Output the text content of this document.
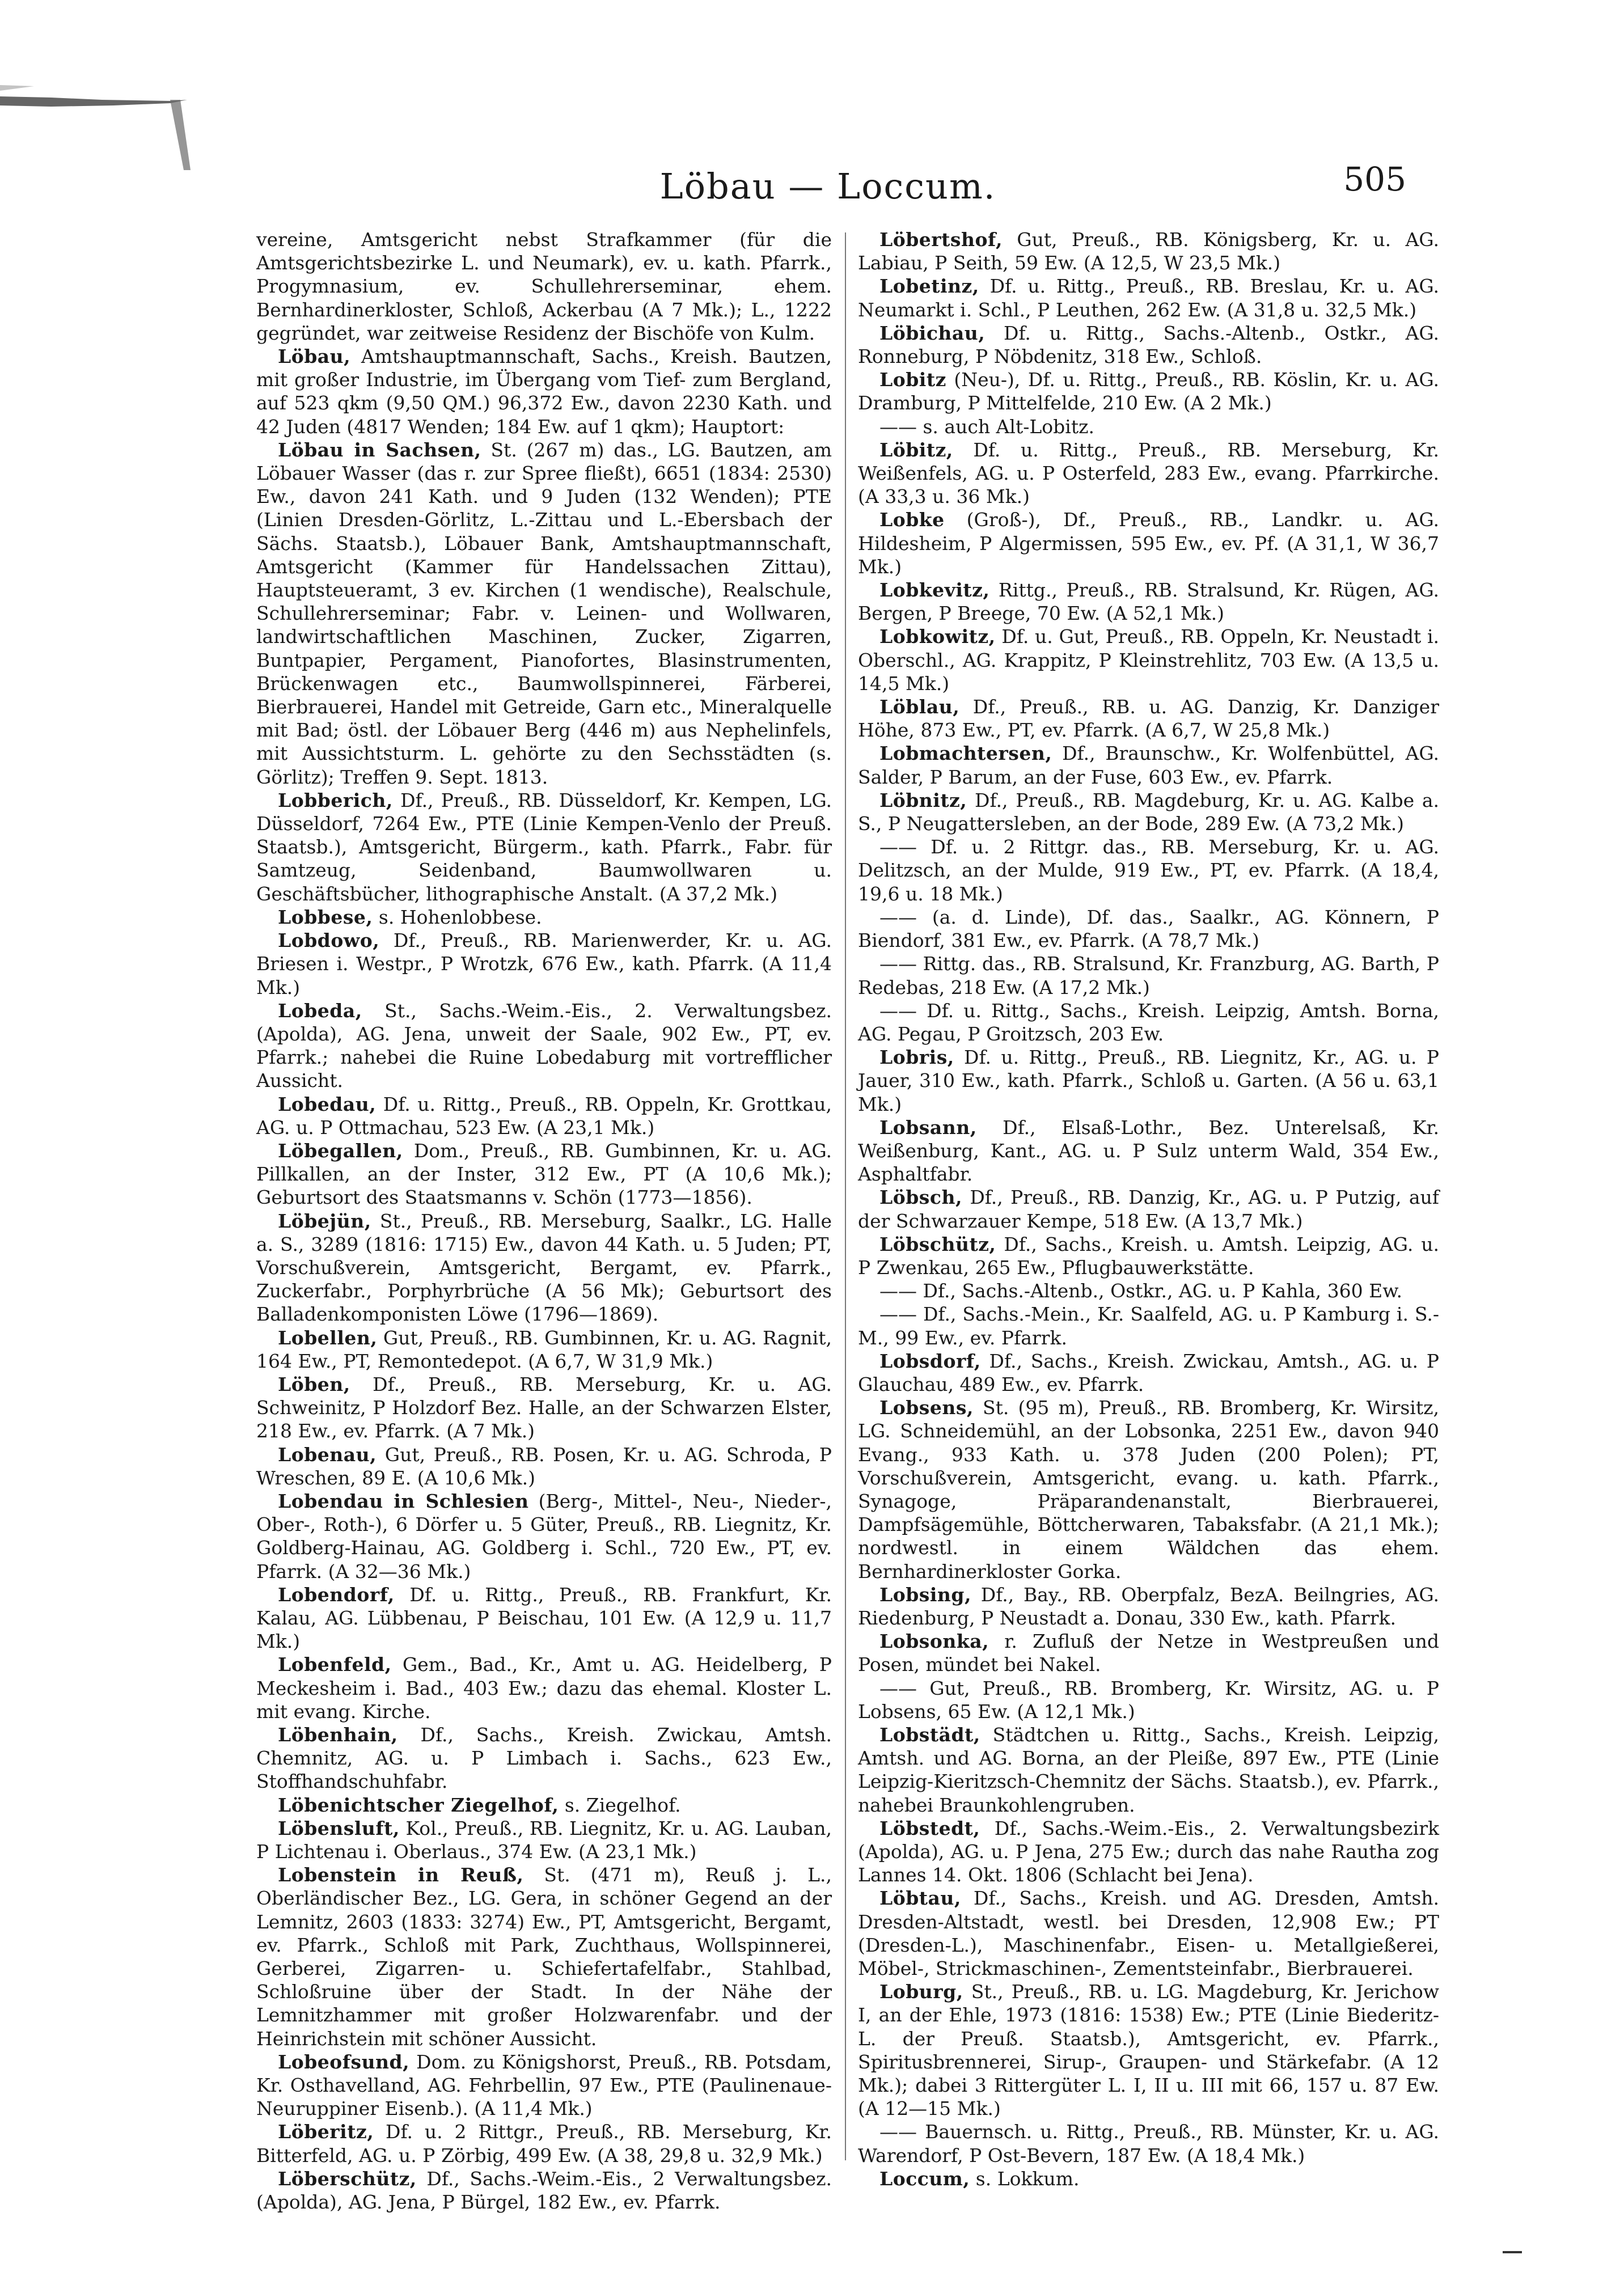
Löbau — Loccum.	505

vereine, Amtsgericht nebst Strafkammer (für die Amtsgerichtsbezirke L. und Neumark), ev. u. kath. Pfarrk., Progymnasium, ev. Schullehrerseminar, ehem. Bernhardinerkloster, Schloß, Ackerbau (A 7 Mk.); L., 1222 gegründet, war zeitweise Residenz der Bischöfe von Kulm.

Löbau, Amtshauptmannschaft, Sachs., Kreish. Bautzen, mit großer Industrie, im Übergang vom Tief- zum Bergland, auf 523 qkm (9,50 QM.) 96,372 Ew., davon 2230 Kath. und 42 Juden (4817 Wenden; 184 Ew. auf 1 qkm); Hauptort:

Löbau in Sachsen, St. (267 m) das., LG. Bautzen, am Löbauer Wasser (das r. zur Spree fließt), 6651 (1834: 2530) Ew., davon 241 Kath. und 9 Juden (132 Wenden); PTE (Linien Dresden-Görlitz, L.-Zittau und L.-Ebersbach der Sächs. Staatsb.), Löbauer Bank, Amtshauptmannschaft, Amtsgericht (Kammer für Handelssachen Zittau), Hauptsteueramt, 3 ev. Kirchen (1 wendische), Realschule, Schullehrerseminar; Fabr. v. Leinen- und Wollwaren, landwirtschaftlichen Maschinen, Zucker, Zigarren, Buntpapier, Pergament, Pianofortes, Blasinstrumenten, Brückenwagen etc., Baumwollspinnerei, Färberei, Bierbrauerei, Handel mit Getreide, Garn etc., Mineralquelle mit Bad; östl. der Löbauer Berg (446 m) aus Nephelinfels, mit Aussichtsturm. L. gehörte zu den Sechsstädten (s. Görlitz); Treffen 9. Sept. 1813.

Lobberich, Df., Preuß., RB. Düsseldorf, Kr. Kempen, LG. Düsseldorf, 7264 Ew., PTE (Linie Kempen-Venlo der Preuß. Staatsb.), Amtsgericht, Bürgerm., kath. Pfarrk., Fabr. für Samtzeug, Seidenband, Baumwollwaren u. Geschäftsbücher, lithographische Anstalt. (A 37,2 Mk.)

Lobbese, s. Hohenlobbese.

Lobdowo, Df., Preuß., RB. Marienwerder, Kr. u. AG. Briesen i. Westpr., P Wrotzk, 676 Ew., kath. Pfarrk. (A 11,4 Mk.)

Lobeda, St., Sachs.-Weim.-Eis., 2. Verwaltungsbez. (Apolda), AG. Jena, unweit der Saale, 902 Ew., PT, ev. Pfarrk.; nahebei die Ruine Lobedaburg mit vortrefflicher Aussicht.

Lobedau, Df. u. Rittg., Preuß., RB. Oppeln, Kr. Grottkau, AG. u. P Ottmachau, 523 Ew. (A 23,1 Mk.)

Löbegallen, Dom., Preuß., RB. Gumbinnen, Kr. u. AG. Pillkallen, an der Inster, 312 Ew., PT (A 10,6 Mk.); Geburtsort des Staatsmanns v. Schön (1773—1856).

Löbejün, St., Preuß., RB. Merseburg, Saalkr., LG. Halle a. S., 3289 (1816: 1715) Ew., davon 44 Kath. u. 5 Juden; PT, Vorschußverein, Amtsgericht, Bergamt, ev. Pfarrk., Zuckerfabr., Porphyrbrüche (A 56 Mk); Geburtsort des Balladenkomponisten Löwe (1796—1869).

Lobellen, Gut, Preuß., RB. Gumbinnen, Kr. u. AG. Ragnit, 164 Ew., PT, Remontedepot. (A 6,7, W 31,9 Mk.)

Löben, Df., Preuß., RB. Merseburg, Kr. u. AG. Schweinitz, P Holzdorf Bez. Halle, an der Schwarzen Elster, 218 Ew., ev. Pfarrk. (A 7 Mk.)

Lobenau, Gut, Preuß., RB. Posen, Kr. u. AG. Schroda, P Wreschen, 89 E. (A 10,6 Mk.)

Lobendau in Schlesien (Berg-, Mittel-, Neu-, Nieder-, Ober-, Roth-), 6 Dörfer u. 5 Güter, Preuß., RB. Liegnitz, Kr. Goldberg-Hainau, AG. Goldberg i. Schl., 720 Ew., PT, ev. Pfarrk. (A 32—36 Mk.)

Lobendorf, Df. u. Rittg., Preuß., RB. Frankfurt, Kr. Kalau, AG. Lübbenau, P Beischau, 101 Ew. (A 12,9 u. 11,7 Mk.)

Lobenfeld, Gem., Bad., Kr., Amt u. AG. Heidelberg, P Meckesheim i. Bad., 403 Ew.; dazu das ehemal. Kloster L. mit evang. Kirche.

Löbenhain, Df., Sachs., Kreish. Zwickau, Amtsh. Chemnitz, AG. u. P Limbach i. Sachs., 623 Ew., Stoffhandschuhfabr.

Löbenichtscher Ziegelhof, s. Ziegelhof.

Löbensluft, Kol., Preuß., RB. Liegnitz, Kr. u. AG. Lauban, P Lichtenau i. Oberlaus., 374 Ew. (A 23,1 Mk.)

Lobenstein in Reuß, St. (471 m), Reuß j. L., Oberländischer Bez., LG. Gera, in schöner Gegend an der Lemnitz, 2603 (1833: 3274) Ew., PT, Amtsgericht, Bergamt, ev. Pfarrk., Schloß mit Park, Zuchthaus, Wollspinnerei, Gerberei, Zigarren- u. Schiefertafelfabr., Stahlbad, Schloßruine über der Stadt. In der Nähe der Lemnitzhammer mit großer Holzwarenfabr. und der Heinrichstein mit schöner Aussicht.

Lobeofsund, Dom. zu Königshorst, Preuß., RB. Potsdam, Kr. Osthavelland, AG. Fehrbellin, 97 Ew., PTE (Paulinenaue-Neuruppiner Eisenb.). (A 11,4 Mk.)

Löberitz, Df. u. 2 Rittgr., Preuß., RB. Merseburg, Kr. Bitterfeld, AG. u. P Zörbig, 499 Ew. (A 38, 29,8 u. 32,9 Mk.)

Löberschütz, Df., Sachs.-Weim.-Eis., 2 Verwaltungsbez. (Apolda), AG. Jena, P Bürgel, 182 Ew., ev. Pfarrk.

Löbertshof, Gut, Preuß., RB. Königsberg, Kr. u. AG. Labiau, P Seith, 59 Ew. (A 12,5, W 23,5 Mk.)

Lobetinz, Df. u. Rittg., Preuß., RB. Breslau, Kr. u. AG. Neumarkt i. Schl., P Leuthen, 262 Ew. (A 31,8 u. 32,5 Mk.)

Löbichau, Df. u. Rittg., Sachs.-Altenb., Ostkr., AG. Ronneburg, P Nöbdenitz, 318 Ew., Schloß.

Lobitz (Neu-), Df. u. Rittg., Preuß., RB. Köslin, Kr. u. AG. Dramburg, P Mittelfelde, 210 Ew. (A 2 Mk.)

—— s. auch Alt-Lobitz.

Löbitz, Df. u. Rittg., Preuß., RB. Merseburg, Kr. Weißenfels, AG. u. P Osterfeld, 283 Ew., evang. Pfarrkirche. (A 33,3 u. 36 Mk.)

Lobke (Groß-), Df., Preuß., RB., Landkr. u. AG. Hildesheim, P Algermissen, 595 Ew., ev. Pf. (A 31,1, W 36,7 Mk.)

Lobkevitz, Rittg., Preuß., RB. Stralsund, Kr. Rügen, AG. Bergen, P Breege, 70 Ew. (A 52,1 Mk.)

Lobkowitz, Df. u. Gut, Preuß., RB. Oppeln, Kr. Neustadt i. Oberschl., AG. Krappitz, P Kleinstrehlitz, 703 Ew. (A 13,5 u. 14,5 Mk.)

Löblau, Df., Preuß., RB. u. AG. Danzig, Kr. Danziger Höhe, 873 Ew., PT, ev. Pfarrk. (A 6,7, W 25,8 Mk.)

Lobmachtersen, Df., Braunschw., Kr. Wolfenbüttel, AG. Salder, P Barum, an der Fuse, 603 Ew., ev. Pfarrk.

Löbnitz, Df., Preuß., RB. Magdeburg, Kr. u. AG. Kalbe a. S., P Neugattersleben, an der Bode, 289 Ew. (A 73,2 Mk.)

—— Df. u. 2 Rittgr. das., RB. Merseburg, Kr. u. AG. Delitzsch, an der Mulde, 919 Ew., PT, ev. Pfarrk. (A 18,4, 19,6 u. 18 Mk.)

—— (a. d. Linde), Df. das., Saalkr., AG. Könnern, P Biendorf, 381 Ew., ev. Pfarrk. (A 78,7 Mk.)

—— Rittg. das., RB. Stralsund, Kr. Franzburg, AG. Barth, P Redebas, 218 Ew. (A 17,2 Mk.)

—— Df. u. Rittg., Sachs., Kreish. Leipzig, Amtsh. Borna, AG. Pegau, P Groitzsch, 203 Ew.

Lobris, Df. u. Rittg., Preuß., RB. Liegnitz, Kr., AG. u. P Jauer, 310 Ew., kath. Pfarrk., Schloß u. Garten. (A 56 u. 63,1 Mk.)

Lobsann, Df., Elsaß-Lothr., Bez. Unterelsaß, Kr. Weißenburg, Kant., AG. u. P Sulz unterm Wald, 354 Ew., Asphaltfabr.

Löbsch, Df., Preuß., RB. Danzig, Kr., AG. u. P Putzig, auf der Schwarzauer Kempe, 518 Ew. (A 13,7 Mk.)

Löbschütz, Df., Sachs., Kreish. u. Amtsh. Leipzig, AG. u. P Zwenkau, 265 Ew., Pflugbauwerkstätte.

—— Df., Sachs.-Altenb., Ostkr., AG. u. P Kahla, 360 Ew.

—— Df., Sachs.-Mein., Kr. Saalfeld, AG. u. P Kamburg i. S.-M., 99 Ew., ev. Pfarrk.

Lobsdorf, Df., Sachs., Kreish. Zwickau, Amtsh., AG. u. P Glauchau, 489 Ew., ev. Pfarrk.

Lobsens, St. (95 m), Preuß., RB. Bromberg, Kr. Wirsitz, LG. Schneidemühl, an der Lobsonka, 2251 Ew., davon 940 Evang., 933 Kath. u. 378 Juden (200 Polen); PT, Vorschußverein, Amtsgericht, evang. u. kath. Pfarrk., Synagoge, Präparandenanstalt, Bierbrauerei, Dampfsägemühle, Böttcherwaren, Tabaksfabr. (A 21,1 Mk.); nordwestl. in einem Wäldchen das ehem. Bernhardinerkloster Gorka.

Lobsing, Df., Bay., RB. Oberpfalz, BezA. Beilngries, AG. Riedenburg, P Neustadt a. Donau, 330 Ew., kath. Pfarrk.

Lobsonka, r. Zufluß der Netze in Westpreußen und Posen, mündet bei Nakel.

—— Gut, Preuß., RB. Bromberg, Kr. Wirsitz, AG. u. P Lobsens, 65 Ew. (A 12,1 Mk.)

Lobstädt, Städtchen u. Rittg., Sachs., Kreish. Leipzig, Amtsh. und AG. Borna, an der Pleiße, 897 Ew., PTE (Linie Leipzig-Kieritzsch-Chemnitz der Sächs. Staatsb.), ev. Pfarrk., nahebei Braunkohlengruben.

Löbstedt, Df., Sachs.-Weim.-Eis., 2. Verwaltungsbezirk (Apolda), AG. u. P Jena, 275 Ew.; durch das nahe Rautha zog Lannes 14. Okt. 1806 (Schlacht bei Jena).

Löbtau, Df., Sachs., Kreish. und AG. Dresden, Amtsh. Dresden-Altstadt, westl. bei Dresden, 12,908 Ew.; PT (Dresden-L.), Maschinenfabr., Eisen- u. Metallgießerei, Möbel-, Strickmaschinen-, Zementsteinfabr., Bierbrauerei.

Loburg, St., Preuß., RB. u. LG. Magdeburg, Kr. Jerichow I, an der Ehle, 1973 (1816: 1538) Ew.; PTE (Linie Biederitz-L. der Preuß. Staatsb.), Amtsgericht, ev. Pfarrk., Spiritusbrennerei, Sirup-, Graupen- und Stärkefabr. (A 12 Mk.); dabei 3 Rittergüter L. I, II u. III mit 66, 157 u. 87 Ew. (A 12—15 Mk.)

—— Bauernsch. u. Rittg., Preuß., RB. Münster, Kr. u. AG. Warendorf, P Ost-Bevern, 187 Ew. (A 18,4 Mk.)

Loccum, s. Lokkum.
